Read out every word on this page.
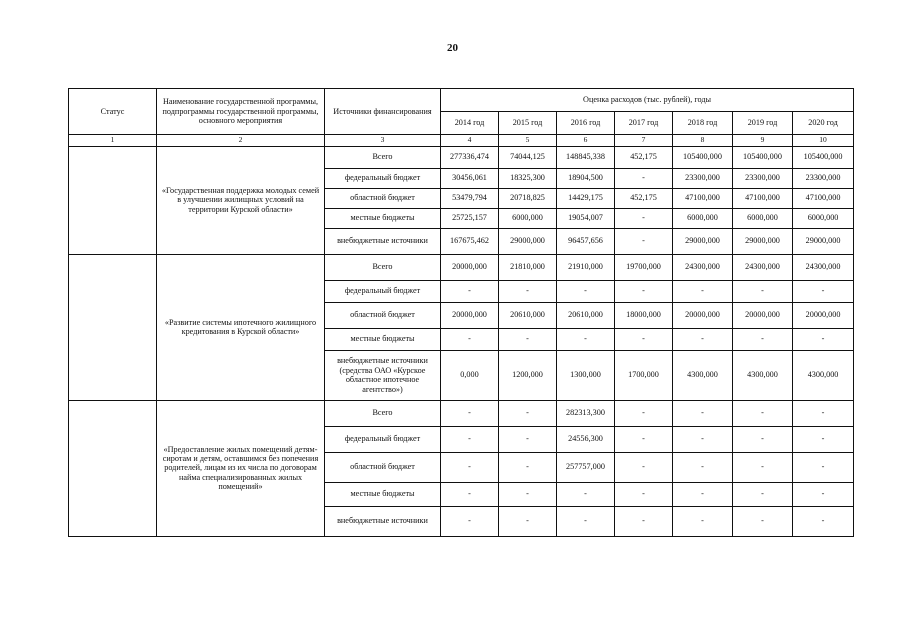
20
Статус	Наименование государственной программы, подпрограммы государственной программы, основного мероприятия	Источники финансирования	Оценка расходов (тыс. рублей), годы						
			2014 год	2015 год	2016 год	2017 год	2018 год	2019 год	2020 год
1	2	3	4	5	6	7	8	9	10
	«Государственная поддержка молодых семей в улучшении жилищных условий на территории Курской области»	Всего	277336,474	74044,125	148845,338	452,175	105400,000	105400,000	105400,000
		федеральный бюджет	30456,061	18325,300	18904,500	-	23300,000	23300,000	23300,000
		областной бюджет	53479,794	20718,825	14429,175	452,175	47100,000	47100,000	47100,000
		местные бюджеты	25725,157	6000,000	19054,007	-	6000,000	6000,000	6000,000
		внебюджетные источники	167675,462	29000,000	96457,656	-	29000,000	29000,000	29000,000
	«Развитие системы ипотечного жилищного кредитования в Курской области»	Всего	20000,000	21810,000	21910,000	19700,000	24300,000	24300,000	24300,000
		федеральный бюджет	-	-	-	-	-	-	-
		областной бюджет	20000,000	20610,000	20610,000	18000,000	20000,000	20000,000	20000,000
		местные бюджеты	-	-	-	-	-	-	-
		внебюджетные источники (средства ОАО «Курское областное ипотечное агентство»)	0,000	1200,000	1300,000	1700,000	4300,000	4300,000	4300,000
	«Предоставление жилых помещений детям-сиротам и детям, оставшимся без попечения родителей, лицам из их числа по договорам найма специализированных жилых помещений»	Всего	-	-	282313,300	-	-	-	-
		федеральный бюджет	-	-	24556,300	-	-	-	-
		областной бюджет	-	-	257757,000	-	-	-	-
		местные бюджеты	-	-	-	-	-	-	-
		внебюджетные источники	-	-	-	-	-	-	-
